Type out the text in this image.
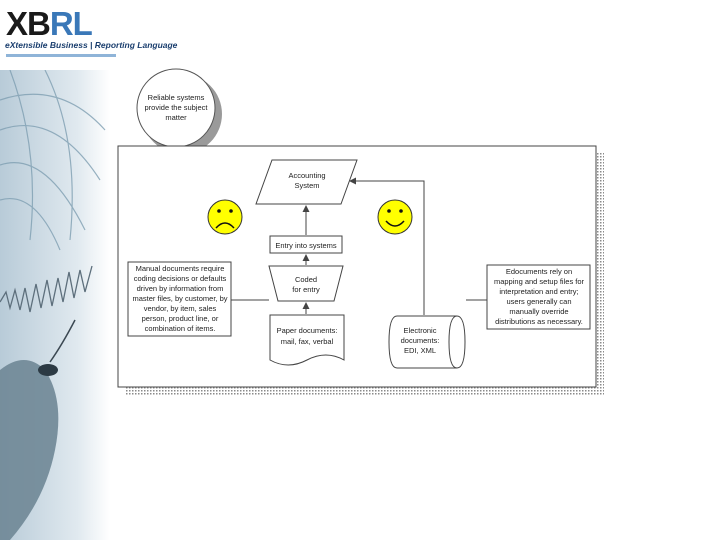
XBRL
eXtensible Business | Reporting Language
Reliable systems
provide the subject
matter
Accounting
System
Entry into systems
Coded
for entry
Paper documents:
mail, fax, verbal
Electronic
documents:
EDI, XML
Manual documents require
coding decisions or defaults
driven by information from
master files, by customer, by
vendor, by item, sales
person, product line, or
combination of items.
Edocuments rely on
mapping and setup files for
interpretation and entry;
users generally can
manually override
distributions as necessary.
